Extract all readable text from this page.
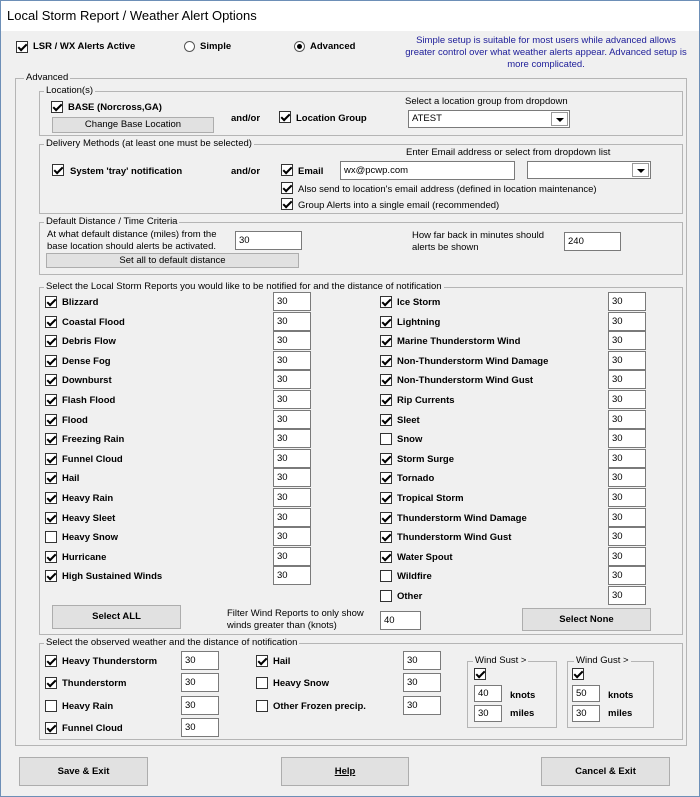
Local Storm Report / Weather Alert Options
LSR / WX Alerts Active	Simple	Advanced
Simple setup is suitable for most users while advanced allows greater control over what weather alerts appear. Advanced setup is more complicated.
Advanced
Location(s)
BASE (Norcross,GA)
Change Base Location
and/or	Location Group
Select a location group from dropdown
ATEST
Delivery Methods (at least one must be selected)
System 'tray' notification	and/or
Enter Email address or select from dropdown list
Email	wx@pcwp.com
Also send to location's email address (defined in location maintenance)
Group Alerts into a single email (recommended)
Default Distance / Time Criteria
At what default distance (miles) from the
base location should alerts be activated.
30
Set all to default distance
How far back in minutes should
alerts be shown
240
Select the Local Storm Reports you would like to be notified for and the distance of notification
Blizzard	30
Coastal Flood	30
Debris Flow	30
Dense Fog	30
Downburst	30
Flash Flood	30
Flood	30
Freezing Rain	30
Funnel Cloud	30
Hail	30
Heavy Rain	30
Heavy Sleet	30
Heavy Snow	30
Hurricane	30
High Sustained Winds	30
Ice Storm	30
Lightning	30
Marine Thunderstorm Wind	30
Non-Thunderstorm Wind Damage	30
Non-Thunderstorm Wind Gust	30
Rip Currents	30
Sleet	30
Snow	30
Storm Surge	30
Tornado	30
Tropical Storm	30
Thunderstorm Wind Damage	30
Thunderstorm Wind Gust	30
Water Spout	30
Wildfire	30
Other	30
Select ALL	Filter Wind Reports to only show
winds greater than (knots)	40	Select None
Select the observed weather and the distance of notification
Heavy Thunderstorm	30
Thunderstorm	30
Heavy Rain	30
Funnel Cloud	30
Hail	30
Heavy Snow	30
Other Frozen precip.	30
Wind Sust >
40	knots
30	miles
Wind Gust >
50	knots
30	miles
Save & Exit	Help	Cancel & Exit
